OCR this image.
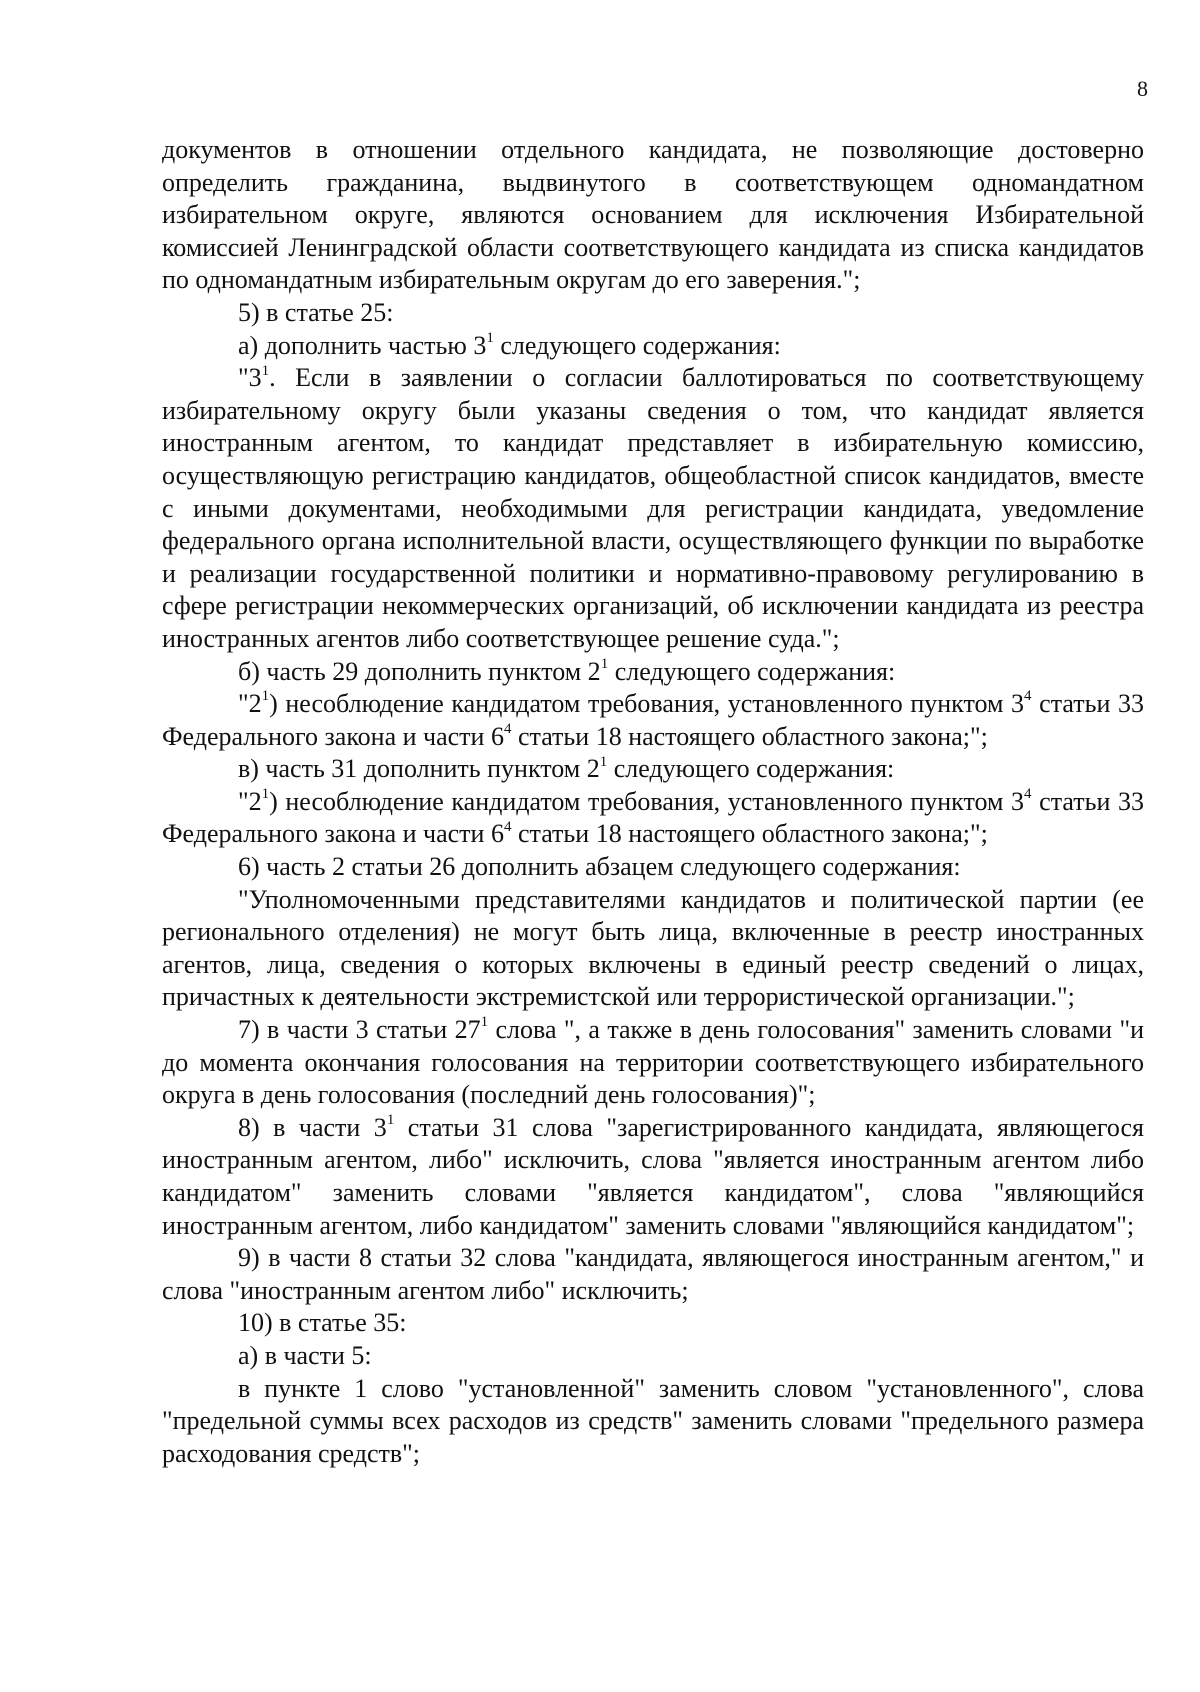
8

документов в отношении отдельного кандидата, не позволяющие достоверно определить гражданина, выдвинутого в соответствующем одномандатном избирательном округе, являются основанием для исключения Избирательной комиссией Ленинградской области соответствующего кандидата из списка кандидатов по одномандатным избирательным округам до его заверения.";

5) в статье 25:

а) дополнить частью $3^1$ следующего содержания:

"$3^1$. Если в заявлении о согласии баллотироваться по соответствующему избирательному округу были указаны сведения о том, что кандидат является иностранным агентом, то кандидат представляет в избирательную комиссию, осуществляющую регистрацию кандидатов, общеобластной список кандидатов, вместе с иными документами, необходимыми для регистрации кандидата, уведомление федерального органа исполнительной власти, осуществляющего функции по выработке и реализации государственной политики и нормативно-правовому регулированию в сфере регистрации некоммерческих организаций, об исключении кандидата из реестра иностранных агентов либо соответствующее решение суда.";

б) часть 29 дополнить пунктом $2^1$ следующего содержания:

"$2^1$) несоблюдение кандидатом требования, установленного пунктом $3^4$ статьи 33 Федерального закона и части $6^4$ статьи 18 настоящего областного закона;";

в) часть 31 дополнить пунктом $2^1$ следующего содержания:

"$2^1$) несоблюдение кандидатом требования, установленного пунктом $3^4$ статьи 33 Федерального закона и части $6^4$ статьи 18 настоящего областного закона;";

6) часть 2 статьи 26 дополнить абзацем следующего содержания:

"Уполномоченными представителями кандидатов и политической партии (ее регионального отделения) не могут быть лица, включенные в реестр иностранных агентов, лица, сведения о которых включены в единый реестр сведений о лицах, причастных к деятельности экстремистской или террористической организации.";

7) в части 3 статьи $27^1$ слова ", а также в день голосования" заменить словами "и до момента окончания голосования на территории соответствующего избирательного округа в день голосования (последний день голосования)";

8) в части $3^1$ статьи 31 слова "зарегистрированного кандидата, являющегося иностранным агентом, либо" исключить, слова "является иностранным агентом либо кандидатом" заменить словами "является кандидатом", слова "являющийся иностранным агентом, либо кандидатом" заменить словами "являющийся кандидатом";

9) в части 8 статьи 32 слова "кандидата, являющегося иностранным агентом," и слова "иностранным агентом либо" исключить;

10) в статье 35:

а) в части 5:

в пункте 1 слово "установленной" заменить словом "установленного", слова "предельной суммы всех расходов из средств" заменить словами "предельного размера расходования средств";
